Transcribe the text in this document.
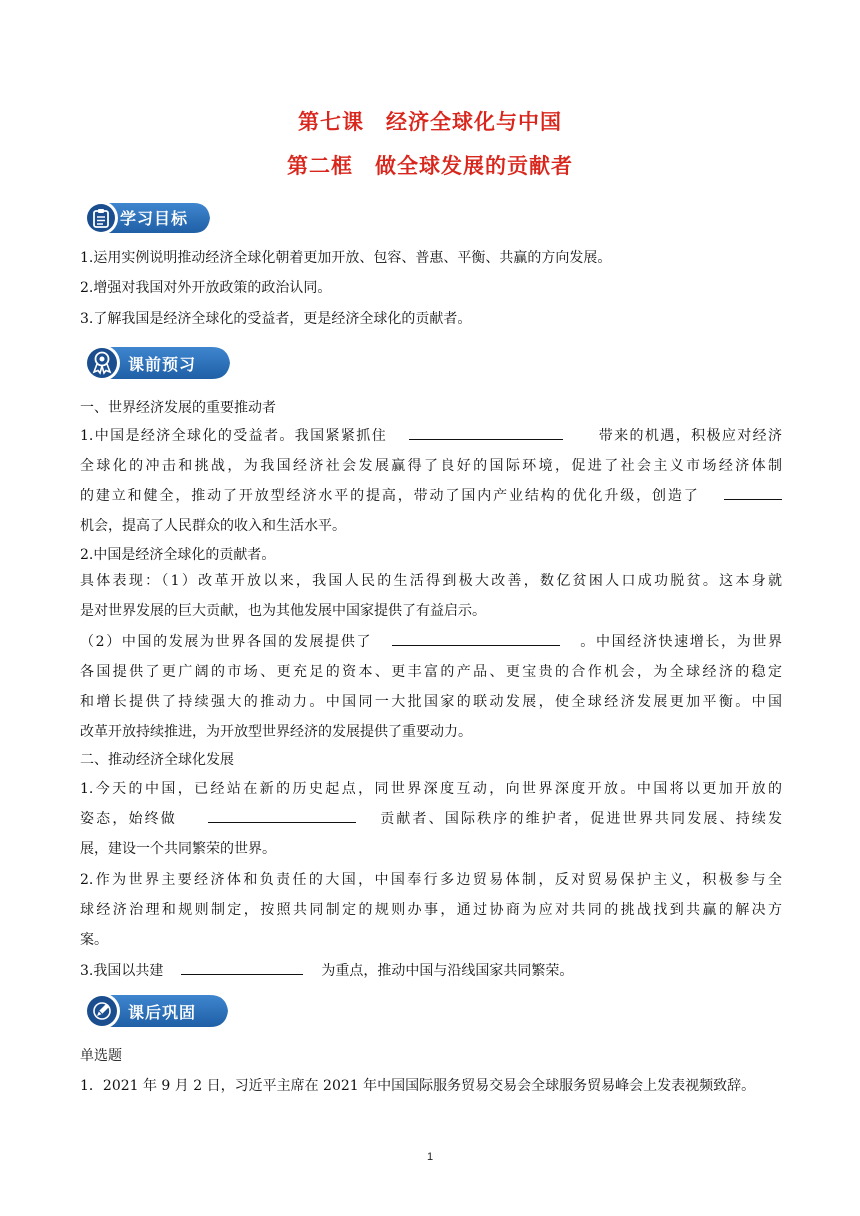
第七课　经济全球化与中国
第二框　做全球发展的贡献者
学习目标
1.运用实例说明推动经济全球化朝着更加开放、包容、普惠、平衡、共赢的方向发展。
2.增强对我国对外开放政策的政治认同。
3.了解我国是经济全球化的受益者，更是经济全球化的贡献者。
课前预习
一、世界经济发展的重要推动者
1.中国是经济全球化的受益者。我国紧紧抓住	带来的机遇，积极应对经济
全球化的冲击和挑战，为我国经济社会发展赢得了良好的国际环境，促进了社会主义市场经济体制
的建立和健全，推动了开放型经济水平的提高，带动了国内产业结构的优化升级，创造了
机会，提高了人民群众的收入和生活水平。
2.中国是经济全球化的贡献者。
具体表现：（1）改革开放以来，我国人民的生活得到极大改善，数亿贫困人口成功脱贫。这本身就
是对世界发展的巨大贡献，也为其他发展中国家提供了有益启示。
（2）中国的发展为世界各国的发展提供了	。中国经济快速增长，为世界
各国提供了更广阔的市场、更充足的资本、更丰富的产品、更宝贵的合作机会，为全球经济的稳定
和增长提供了持续强大的推动力。中国同一大批国家的联动发展，使全球经济发展更加平衡。中国
改革开放持续推进，为开放型世界经济的发展提供了重要动力。
二、推动经济全球化发展
1.今天的中国，已经站在新的历史起点，同世界深度互动，向世界深度开放。中国将以更加开放的
姿态，始终做	贡献者、国际秩序的维护者，促进世界共同发展、持续发
展，建设一个共同繁荣的世界。
2.作为世界主要经济体和负责任的大国，中国奉行多边贸易体制，反对贸易保护主义，积极参与全
球经济治理和规则制定，按照共同制定的规则办事，通过协商为应对共同的挑战找到共赢的解决方
案。
3.我国以共建	为重点，推动中国与沿线国家共同繁荣。
课后巩固
单选题
1．2021 年 9 月 2 日，习近平主席在 2021 年中国国际服务贸易交易会全球服务贸易峰会上发表视频致辞。
1
